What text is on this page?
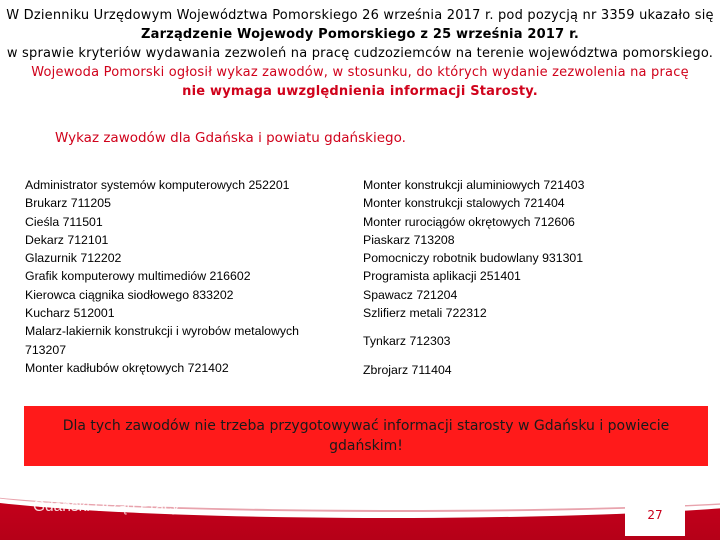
W Dzienniku Urzędowym Województwa Pomorskiego 26 września 2017 r. pod pozycją nr 3359 ukazało się
Zarządzenie Wojewody Pomorskiego z 25 września 2017 r.
w sprawie kryteriów wydawania zezwoleń na pracę cudzoziemców na terenie województwa pomorskiego.
Wojewoda Pomorski ogłosił wykaz zawodów, w stosunku, do których wydanie zezwolenia na pracę
nie wymaga uwzględnienia informacji Starosty.
Wykaz zawodów dla Gdańska i powiatu gdańskiego.
Administrator systemów komputerowych 252201
Brukarz 711205
Cieśla 711501
Dekarz 712101
Glazurnik 712202
Grafik komputerowy multimediów 216602
Kierowca ciągnika siodłowego 833202
Kucharz 512001
Malarz-lakiernik konstrukcji i wyrobów metalowych
713207
Monter kadłubów okrętowych 721402
Monter konstrukcji aluminiowych 721403
Monter konstrukcji stalowych 721404
Monter rurociągów okrętowych 712606
Piaskarz 713208
Pomocniczy robotnik budowlany 931301
Programista aplikacji 251401
Spawacz 721204
Szlifierz metali 722312
Tynkarz 712303
Zbrojarz 711404
Dla tych zawodów nie trzeba przygotowywać informacji starosty w Gdańsku i powiecie gdańskim!
Gdański Urząd Pracy	27
